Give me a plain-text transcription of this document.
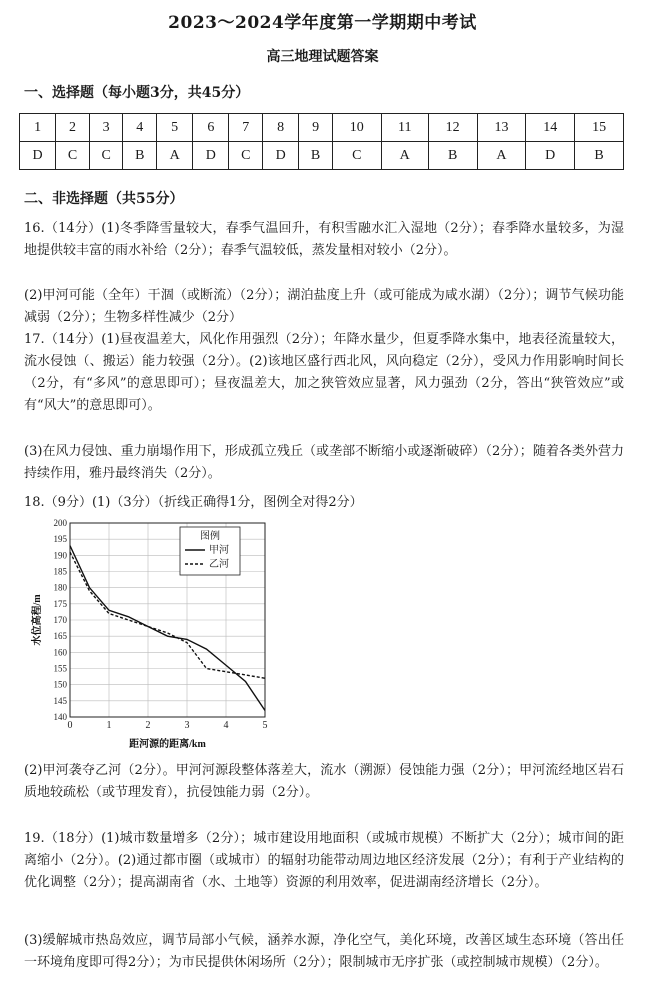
2023～2024学年度第一学期期中考试
高三地理试题答案
一、选择题（每小题3分，共45分）
1	2	3	4	5	6	7	8	9	10	11	12	13	14	15
D	C	C	B	A	D	C	D	B	C	A	B	A	D	B
二、非选择题（共55分）
16.（14分）(1)冬季降雪量较大，春季气温回升，有积雪融水汇入湿地（2分）；春季降水量较多，为湿地提供较丰富的雨水补给（2分）；春季气温较低，蒸发量相对较小（2分）。
(2)甲河可能（全年）干涸（或断流）（2分）；湖泊盐度上升（或可能成为咸水湖）（2分）；调节气候功能减弱（2分）；生物多样性减少（2分）
17.（14分）(1)昼夜温差大，风化作用强烈（2分）；年降水量少，但夏季降水集中，地表径流量较大，流水侵蚀（、搬运）能力较强（2分）。(2)该地区盛行西北风，风向稳定（2分），受风力作用影响时间长（2分，有“多风”的意思即可）；昼夜温差大，加之狭管效应显著，风力强劲（2分，答出“狭管效应”或有“风大”的意思即可）。
(3)在风力侵蚀、重力崩塌作用下，形成孤立残丘（或垄部不断缩小或逐渐破碎）（2分）；随着各类外营力持续作用，雅丹最终消失（2分）。
18.（9分）(1)（3分）（折线正确得1分，图例全对得2分）
140
145
150
155
160
165
170
175
180
185
190
195
200
0	1	2	3	4	5
图例
甲河
乙河
距河源的距离/km
水位高程/m
(2)甲河袭夺乙河（2分）。甲河河源段整体落差大，流水（溯源）侵蚀能力强（2分）；甲河流经地区岩石质地较疏松（或节理发育），抗侵蚀能力弱（2分）。
19.（18分）(1)城市数量增多（2分）；城市建设用地面积（或城市规模）不断扩大（2分）；城市间的距离缩小（2分）。(2)通过都市圈（或城市）的辐射功能带动周边地区经济发展（2分）；有利于产业结构的优化调整（2分）；提高湖南省（水、土地等）资源的利用效率，促进湖南经济增长（2分）。
(3)缓解城市热岛效应，调节局部小气候，涵养水源，净化空气，美化环境，改善区域生态环境（答出任一环境角度即可得2分）；为市民提供休闲场所（2分）；限制城市无序扩张（或控制城市规模）（2分）。
